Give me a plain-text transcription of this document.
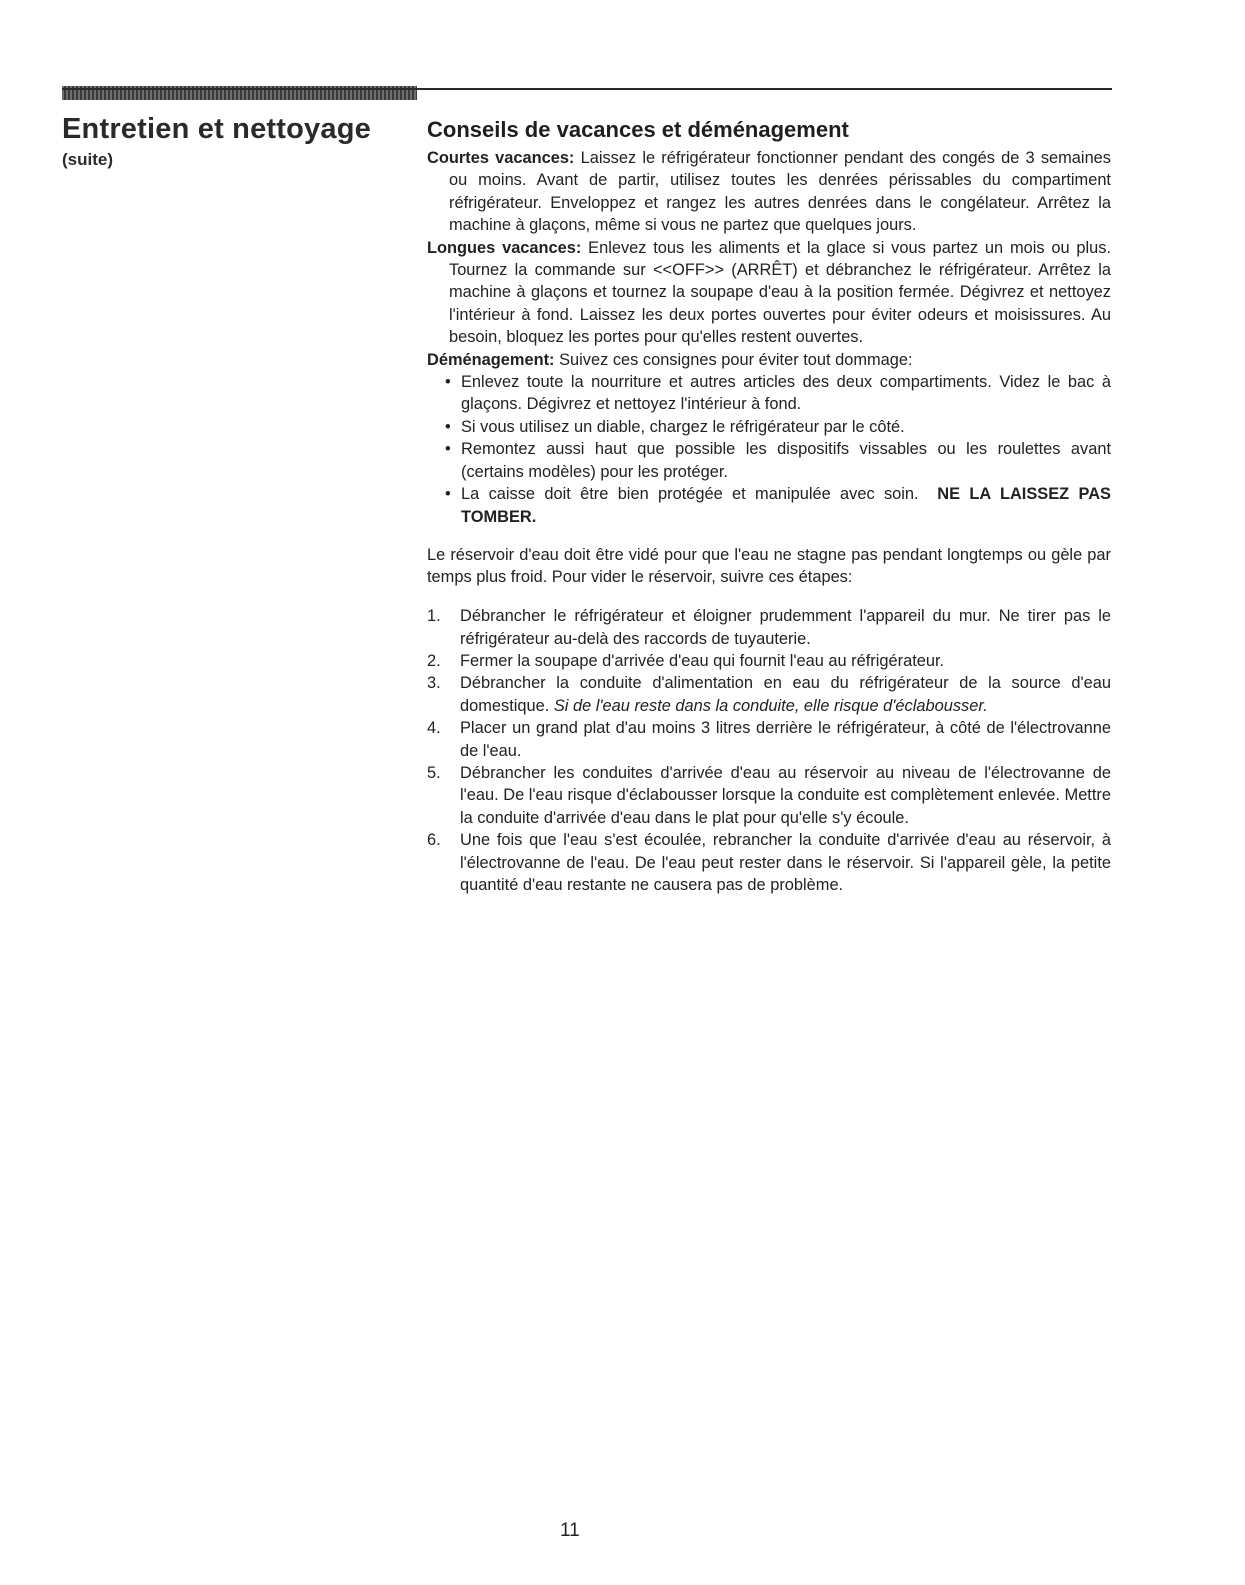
Entretien et nettoyage
(suite)
Conseils de vacances et déménagement

Courtes vacances: Laissez le réfrigérateur fonctionner pendant des congés de 3 semaines ou moins. Avant de partir, utilisez toutes les denrées périssables du compartiment réfrigérateur. Enveloppez et rangez les autres denrées dans le congélateur. Arrêtez la machine à glaçons, même si vous ne partez que quelques jours.

Longues vacances: Enlevez tous les aliments et la glace si vous partez un mois ou plus. Tournez la commande sur <<OFF>> (ARRÊT) et débranchez le réfrigérateur. Arrêtez la machine à glaçons et tournez la soupape d'eau à la position fermée. Dégivrez et nettoyez l'intérieur à fond. Laissez les deux portes ouvertes pour éviter odeurs et moisissures. Au besoin, bloquez les portes pour qu'elles restent ouvertes.

Déménagement: Suivez ces consignes pour éviter tout dommage:

• Enlevez toute la nourriture et autres articles des deux compartiments. Videz le bac à glaçons. Dégivrez et nettoyez l'intérieur à fond.
• Si vous utilisez un diable, chargez le réfrigérateur par le côté.
• Remontez aussi haut que possible les dispositifs vissables ou les roulettes avant (certains modèles) pour les protéger.
• La caisse doit être bien protégée et manipulée avec soin. NE LA LAISSEZ PAS TOMBER.

Le réservoir d'eau doit être vidé pour que l'eau ne stagne pas pendant longtemps ou gèle par temps plus froid. Pour vider le réservoir, suivre ces étapes:

1. Débrancher le réfrigérateur et éloigner prudemment l'appareil du mur. Ne tirer pas le réfrigérateur au-delà des raccords de tuyauterie.
2. Fermer la soupape d'arrivée d'eau qui fournit l'eau au réfrigérateur.
3. Débrancher la conduite d'alimentation en eau du réfrigérateur de la source d'eau domestique. Si de l'eau reste dans la conduite, elle risque d'éclabousser.
4. Placer un grand plat d'au moins 3 litres derrière le réfrigérateur, à côté de l'électrovanne de l'eau.
5. Débrancher les conduites d'arrivée d'eau au réservoir au niveau de l'électrovanne de l'eau. De l'eau risque d'éclabousser lorsque la conduite est complètement enlevée. Mettre la conduite d'arrivée d'eau dans le plat pour qu'elle s'y écoule.
6. Une fois que l'eau s'est écoulée, rebrancher la conduite d'arrivée d'eau au réservoir, à l'électrovanne de l'eau. De l'eau peut rester dans le réservoir. Si l'appareil gèle, la petite quantité d'eau restante ne causera pas de problème.
11
